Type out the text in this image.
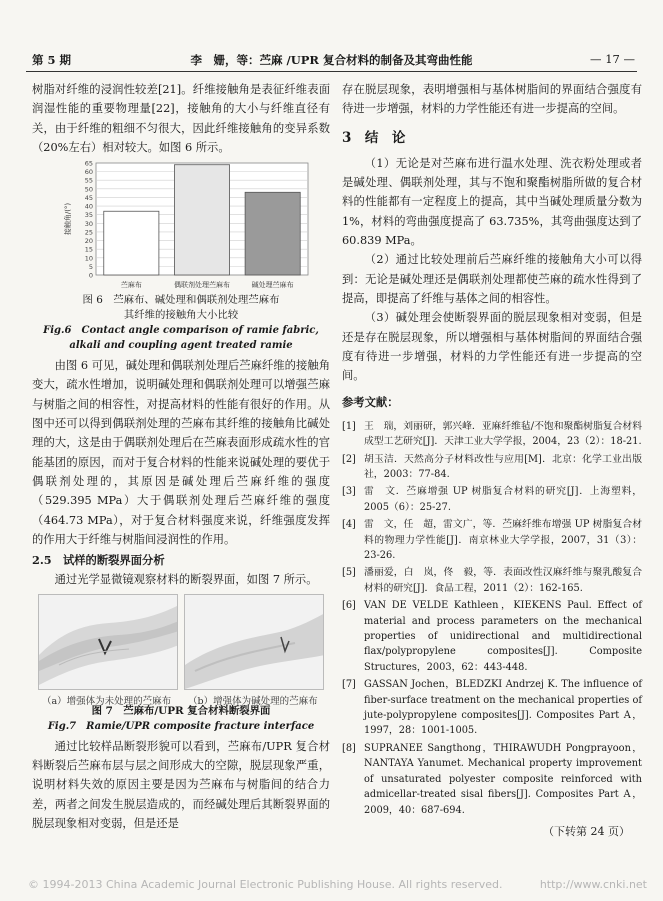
第 5 期	李　姗，等：苎麻 /UPR 复合材料的制备及其弯曲性能	— 17 —

树脂对纤维的浸润性较差[21]。纤维接触角是表征纤维表面润湿性能的重要物理量[22]，接触角的大小与纤维直径有关，由于纤维的粗细不匀很大，因此纤维接触角的变异系数（20%左右）相对较大。如图 6 所示。

0
5
10
15
20
25
30
35
40
45
50
55
60
65
接触角/(°)
苎麻布	偶联剂处理苎麻布	碱处理苎麻布

图 6　苎麻布、碱处理和偶联剂处理苎麻布

其纤维的接触角大小比较

Fig.6　Contact angle comparison of ramie fabric,

alkali and coupling agent treated ramie

由图 6 可见，碱处理和偶联剂处理后苎麻纤维的接触角变大，疏水性增加，说明碱处理和偶联剂处理可以增强苎麻与树脂之间的相容性，对提高材料的性能有很好的作用。从图中还可以得到偶联剂处理的苎麻布其纤维的接触角比碱处理的大，这是由于偶联剂处理后在苎麻表面形成疏水性的官能基团的原因，而对于复合材料的性能来说碱处理的要优于偶联剂处理的，其原因是碱处理后苎麻纤维的强度（529.395 MPa）大于偶联剂处理后苎麻纤维的强度（464.73 MPa），对于复合材料强度来说，纤维强度发挥的作用大于纤维与树脂间浸润性的作用。

2.5　试样的断裂界面分析

通过光学显微镜观察材料的断裂界面，如图 7 所示。

（a）增强体为未处理的苎麻布 （b）增强体为碱处理的苎麻布

图 7　苎麻布/UPR 复合材料断裂界面

Fig.7　Ramie/UPR composite fracture interface

通过比较样品断裂形貌可以看到，苎麻布/UPR 复合材料断裂后苎麻布层与层之间形成大的空隙，脱层现象严重，说明材料失效的原因主要是因为苎麻布与树脂间的结合力差，两者之间发生脱层造成的，而经碱处理后其断裂界面的脱层现象相对变弱，但是还是

存在脱层现象，表明增强相与基体树脂间的界面结合强度有待进一步增强，材料的力学性能还有进一步提高的空间。

3　结　论

（1）无论是对苎麻布进行温水处理、洗衣粉处理或者是碱处理、偶联剂处理，其与不饱和聚酯树脂所做的复合材料的性能都有一定程度上的提高，其中当碱处理质量分数为 1%，材料的弯曲强度提高了 63.735%，其弯曲强度达到了 60.839 MPa。

（2）通过比较处理前后苎麻纤维的接触角大小可以得到：无论是碱处理还是偶联剂处理都使苎麻的疏水性得到了提高，即提高了纤维与基体之间的相容性。

（3）碱处理会使断裂界面的脱层现象相对变弱，但是还是存在脱层现象，所以增强相与基体树脂间的界面结合强度有待进一步增强，材料的力学性能还有进一步提高的空间。

参考文献：

[1] 王　瑞，刘丽研，郭兴峰．亚麻纤维毡/不饱和聚酯树脂复合材料成型工艺研究[J]．天津工业大学学报，2004，23（2）：18-21.
[2] 胡玉洁．天然高分子材料改性与应用[M]．北京：化学工业出版社，2003：77-84.
[3] 雷　文．苎麻增强 UP 树脂复合材料的研究[J]．上海塑料，2005（6）：25-27.
[4] 雷　文，任　超，雷文广，等．苎麻纤维布增强 UP 树脂复合材料的物理力学性能[J]．南京林业大学学报，2007，31（3）：23-26.
[5] 潘丽爱，白　岚，佟　毅，等．表面改性汉麻纤维与聚乳酸复合材料的研究[J]．食品工程，2011（2）：162-165.
[6] VAN DE VELDE Kathleen，KIEKENS Paul. Effect of material and process parameters on the mechanical properties of unidirectional and multidirectional flax/polypropylene composites[J]. Composite Structures，2003，62：443-448.
[7] GASSAN Jochen，BLEDZKI Andrzej K. The influence of fiber-surface treatment on the mechanical properties of jute-polypropylene composites[J]. Composites Part A，1997，28：1001-1005.
[8] SUPRANEE Sangthong，THIRAWUDH Pongprayoon，NANTAYA Yanumet. Mechanical property improvement of unsaturated polyester composite reinforced with admicellar-treated sisal fibers[J]. Composites Part A，2009，40：687-694.

（下转第 24 页）

© 1994-2013 China Academic Journal Electronic Publishing House. All rights reserved.	http://www.cnki.net
